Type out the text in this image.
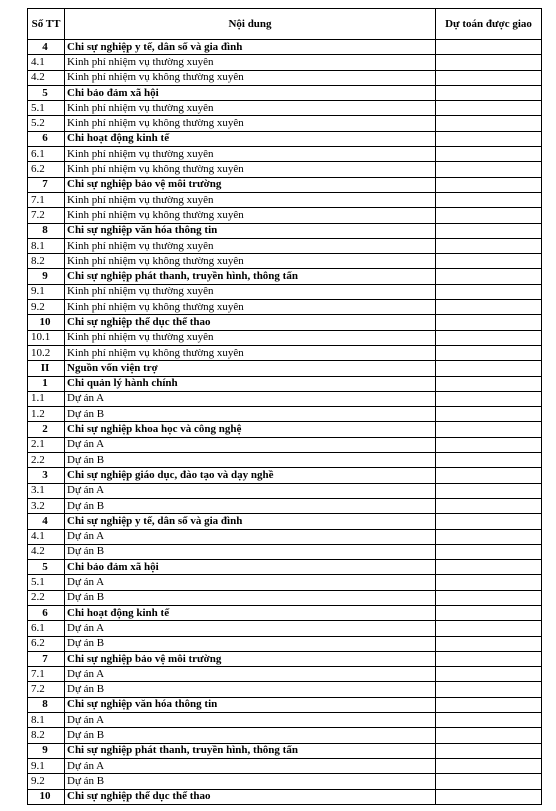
Số TT	Nội dung	Dự toán được giao
4	Chi sự nghiệp y tế, dân số và gia đình	
4.1	Kinh phí nhiệm vụ thường xuyên	
4.2	Kinh phí nhiệm vụ không thường xuyên	
5	Chi bảo đảm xã hội	
5.1	Kinh phí nhiệm vụ thường xuyên	
5.2	Kinh phí nhiệm vụ không thường xuyên	
6	Chi hoạt động kinh tế	
6.1	Kinh phí nhiệm vụ thường xuyên	
6.2	Kinh phí nhiệm vụ không thường xuyên	
7	Chi sự nghiệp bảo vệ môi trường	
7.1	Kinh phí nhiệm vụ thường xuyên	
7.2	Kinh phí nhiệm vụ không thường xuyên	
8	Chi sự nghiệp văn hóa thông tin	
8.1	Kinh phí nhiệm vụ thường xuyên	
8.2	Kinh phí nhiệm vụ không thường xuyên	
9	Chi sự nghiệp phát thanh, truyền hình, thông tấn	
9.1	Kinh phí nhiệm vụ thường xuyên	
9.2	Kinh phí nhiệm vụ không thường xuyên	
10	Chi sự nghiệp thể dục thể thao	
10.1	Kinh phí nhiệm vụ thường xuyên	
10.2	Kinh phí nhiệm vụ không thường xuyên	
II	Nguồn vốn viện trợ	
1	Chi quản lý hành chính	
1.1	Dự án A	
1.2	Dự án B	
2	Chi sự nghiệp khoa học và công nghệ	
2.1	Dự án A	
2.2	Dự án B	
3	Chi sự nghiệp giáo dục, đào tạo và dạy nghề	
3.1	Dự án A	
3.2	Dự án B	
4	Chi sự nghiệp y tế, dân số và gia đình	
4.1	Dự án A	
4.2	Dự án B	
5	Chi bảo đảm xã hội	
5.1	Dự án A	
2.2	Dự án B	
6	Chi hoạt động kinh tế	
6.1	Dự án A	
6.2	Dự án B	
7	Chi sự nghiệp bảo vệ môi trường	
7.1	Dự án A	
7.2	Dự án B	
8	Chi sự nghiệp văn hóa thông tin	
8.1	Dự án A	
8.2	Dự án B	
9	Chi sự nghiệp phát thanh, truyền hình, thông tấn	
9.1	Dự án A	
9.2	Dự án B	
10	Chi sự nghiệp thể dục thể thao	
